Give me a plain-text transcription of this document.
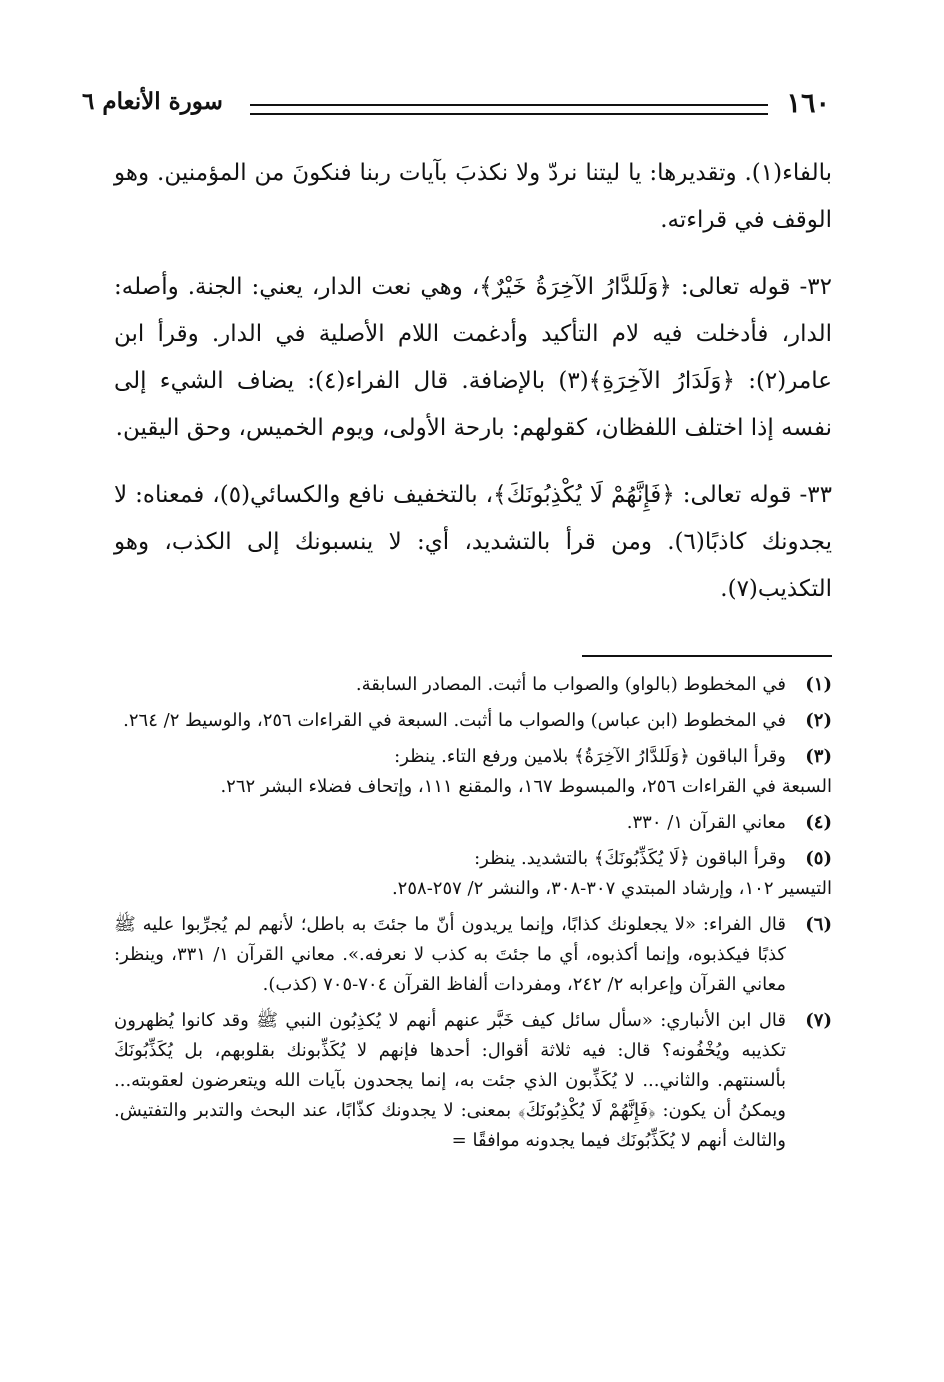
١٦٠
سورة الأنعام ٦

بالفاء(١). وتقديرها: يا ليتنا نردّ ولا نكذبَ بآيات ربنا فنكونَ من المؤمنين. وهو الوقف في قراءته.

٣٢- قوله تعالى: ﴿وَلَلدَّارُ الآخِرَةُ خَيْرٌ﴾، وهي نعت الدار، يعني: الجنة. وأصله: الدار، فأدخلت فيه لام التأكيد وأدغمت اللام الأصلية في الدار. وقرأ ابن عامر(٢): ﴿وَلَدَارُ الآخِرَةِ﴾(٣) بالإضافة. قال الفراء(٤): يضاف الشيء إلى نفسه إذا اختلف اللفظان، كقولهم: بارحة الأولى، ويوم الخميس، وحق اليقين.

٣٣- قوله تعالى: ﴿فَإِنَّهُمْ لَا يُكْذِبُونَكَ﴾، بالتخفيف نافع والكسائي(٥)، فمعناه: لا يجدونك كاذبًا(٦). ومن قرأ بالتشديد، أي: لا ينسبونك إلى الكذب، وهو التكذيب(٧).

(١)
في المخطوط (بالواو) والصواب ما أثبت. المصادر السابقة.
(٢)
في المخطوط (ابن عباس) والصواب ما أثبت. السبعة في القراءات ٢٥٦، والوسيط ٢/ ٢٦٤.
(٣)
وقرأ الباقون ﴿وَلَلدَّارُ الآخِرَةُ﴾ بلامين ورفع التاء. ينظر:
السبعة في القراءات ٢٥٦، والمبسوط ١٦٧، والمقنع ١١١، وإتحاف فضلاء البشر ٢٦٢.
(٤)
معاني القرآن ١/ ٣٣٠.
(٥)
وقرأ الباقون ﴿لَا يُكَذِّبُونَكَ﴾ بالتشديد. ينظر:
التيسير ١٠٢، وإرشاد المبتدي ٣٠٧-٣٠٨، والنشر ٢/ ٢٥٧-٢٥٨.
(٦)
قال الفراء: «لا يجعلونك كذابًا، وإنما يريدون أنّ ما جئتَ به باطل؛ لأنهم لم يُجرِّبوا عليه ﷺ كذبًا فيكذبوه، وإنما أكذبوه، أي ما جئتَ به كذب لا نعرفه.». معاني القرآن ١/ ٣٣١، وينظر: معاني القرآن وإعرابه ٢/ ٢٤٢، ومفردات ألفاظ القرآن ٧٠٤-٧٠٥ (كذب).
(٧)
قال ابن الأنباري: «سأل سائل كيف خَبَّر عنهم أنهم لا يُكذِبُون النبي ﷺ وقد كانوا يُظهرون تكذيبه ويُخْفُونه؟ قال: فيه ثلاثة أقوال: أحدها فإنهم لا يُكَذِّبونك بقلوبهم، بل يُكَذِّبُونَكَ بألسنتهم. والثاني... لا يُكَذِّبون الذي جئت به، إنما يجحدون بآيات الله ويتعرضون لعقوبته... ويمكنُ أن يكون: ﴿فَإِنَّهُمْ لَا يُكْذِبُونَكَ﴾ بمعنى: لا يجدونك كذّابًا، عند البحث والتدبر والتفتيش. والثالث أنهم لا يُكَذِّبُونَك فيما يجدونه موافقًا =
